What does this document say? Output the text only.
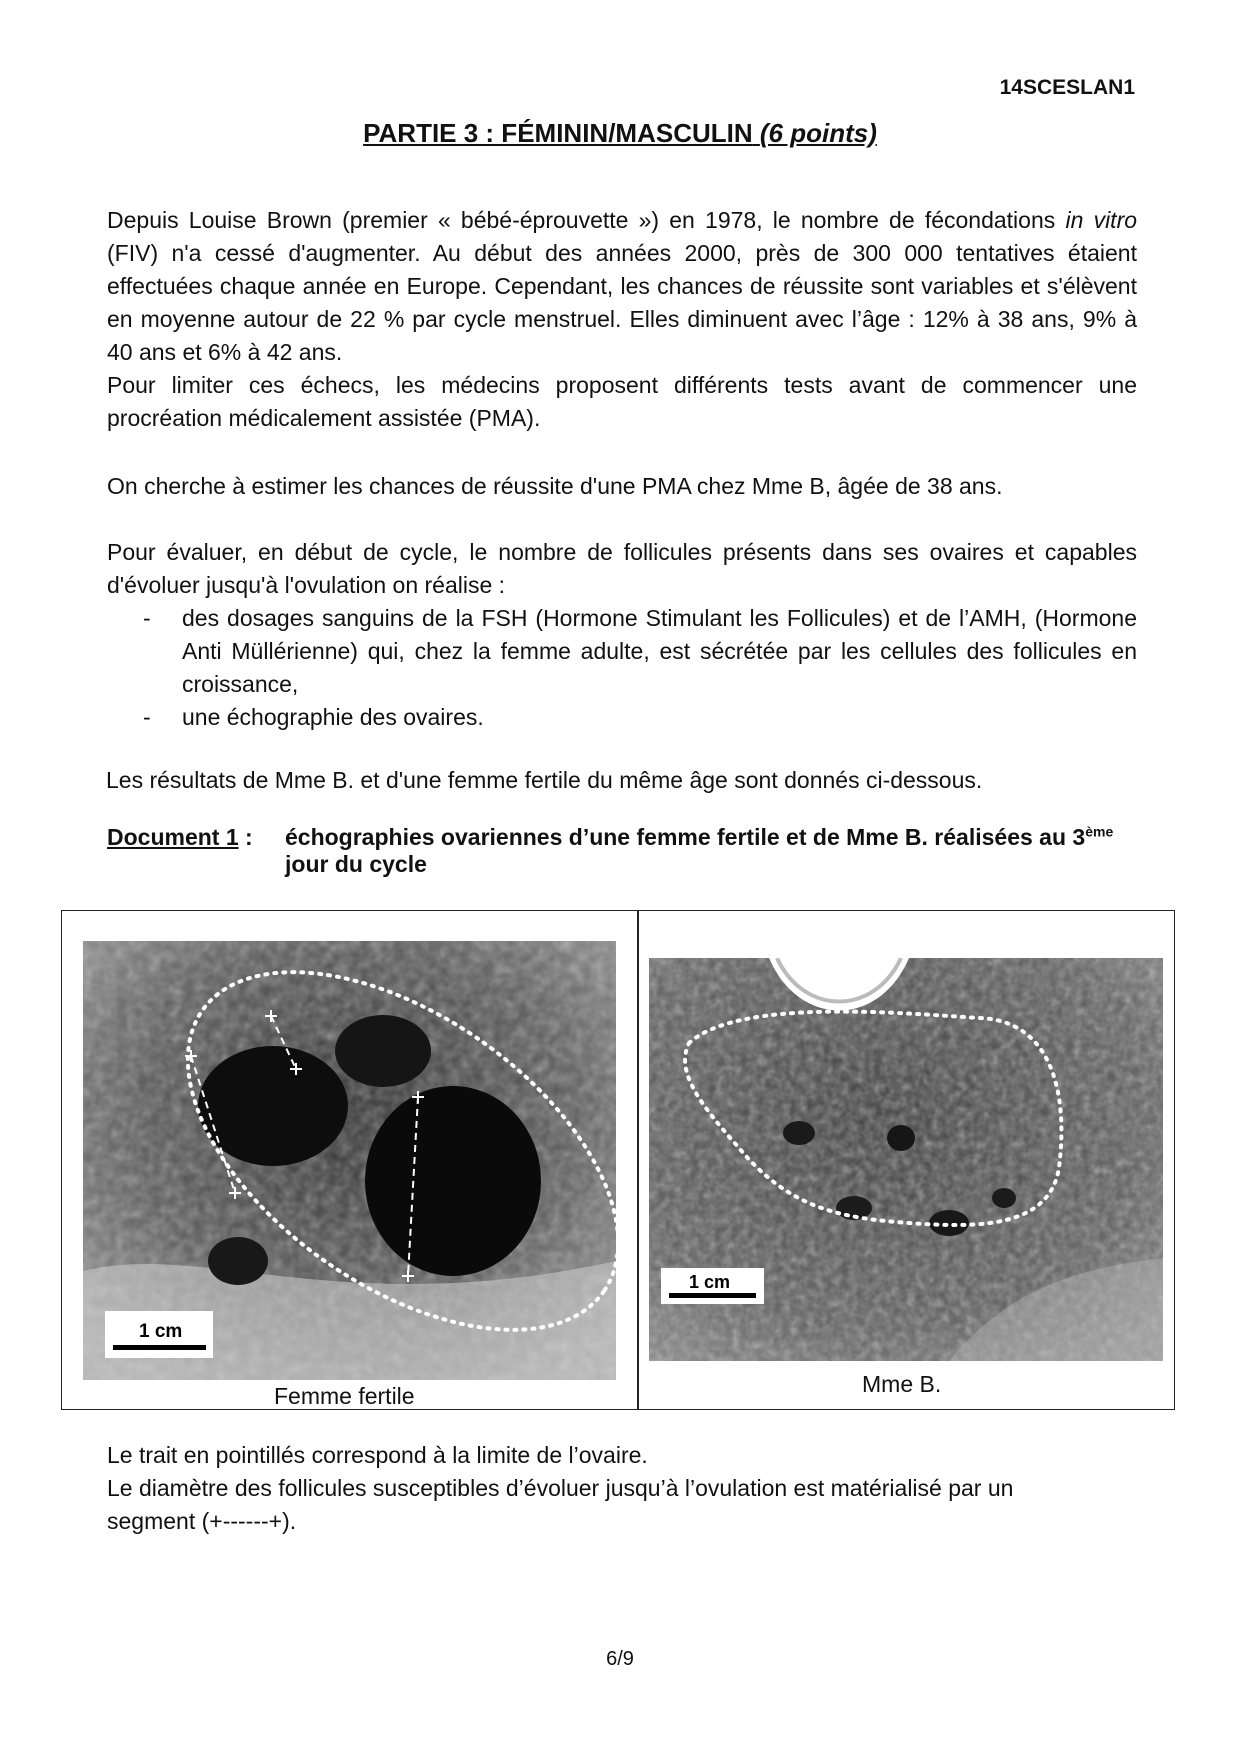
14SCESLAN1
PARTIE 3 : FÉMININ/MASCULIN (6 points)
Depuis Louise Brown (premier « bébé-éprouvette ») en 1978, le nombre de fécondations in vitro (FIV) n'a cessé d'augmenter. Au début des années 2000, près de 300 000 tentatives étaient effectuées chaque année en Europe. Cependant, les chances de réussite sont variables et s'élèvent en moyenne autour de 22 % par cycle menstruel. Elles diminuent avec l’âge : 12% à 38 ans, 9% à 40 ans et 6% à 42 ans.
Pour limiter ces échecs, les médecins proposent différents tests avant de commencer une procréation médicalement assistée (PMA).
On cherche à estimer les chances de réussite d'une PMA chez Mme B, âgée de 38 ans.
Pour évaluer, en début de cycle, le nombre de follicules présents dans ses ovaires et capables d'évoluer jusqu'à l'ovulation on réalise :
- des dosages sanguins de la FSH (Hormone Stimulant les Follicules) et de l’AMH, (Hormone Anti Müllérienne) qui, chez la femme adulte, est sécrétée par les cellules des follicules en croissance,
- une échographie des ovaires.
Les résultats de Mme B. et d'une femme fertile du même âge sont donnés ci-dessous.
Document 1 : échographies ovariennes d’une femme fertile et de Mme B. réalisées au 3ème jour du cycle
1 cm
Femme fertile
1 cm
Mme B.
Le trait en pointillés correspond à la limite de l’ovaire.
Le diamètre des follicules susceptibles d’évoluer jusqu’à l’ovulation est matérialisé par un
segment (+------+).
6/9
